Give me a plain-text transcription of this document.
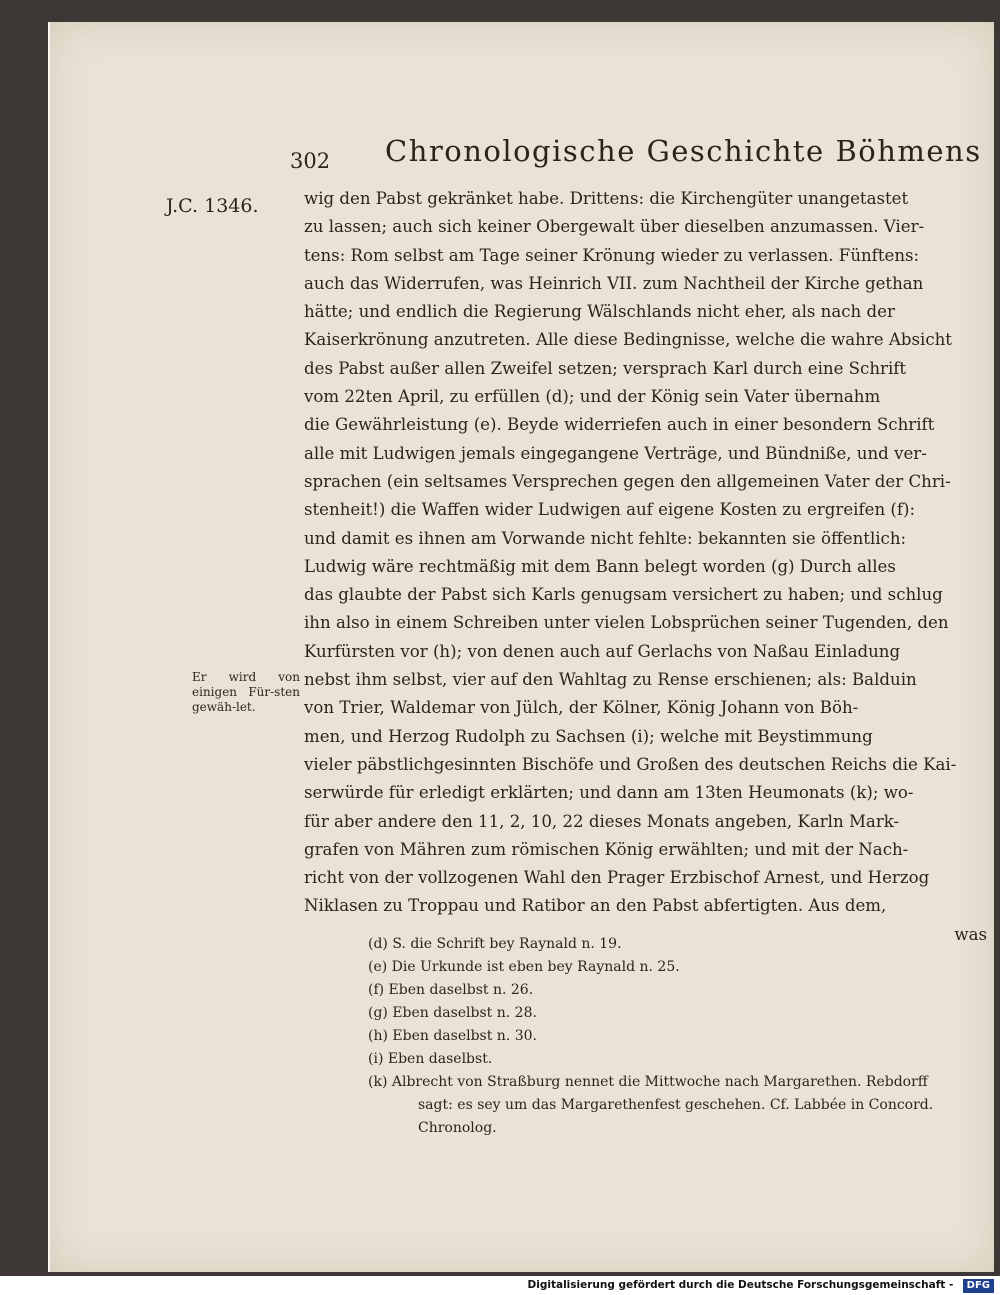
302 Chronologische Geschichte Böhmens
J.C. 1346.
Er wird von einigen Für-sten gewäh-let.
wig den Pabst gekränket habe. Drittens: die Kirchengüter unangetastet
zu lassen; auch sich keiner Obergewalt über dieselben anzumassen. Vier-
tens: Rom selbst am Tage seiner Krönung wieder zu verlassen. Fünftens:
auch das Widerrufen, was Heinrich VII. zum Nachtheil der Kirche gethan
hätte; und endlich die Regierung Wälschlands nicht eher, als nach der
Kaiserkrönung anzutreten. Alle diese Bedingnisse, welche die wahre Absicht
des Pabst außer allen Zweifel setzen; versprach Karl durch eine Schrift
vom 22ten April, zu erfüllen (d); und der König sein Vater übernahm
die Gewährleistung (e). Beyde widerriefen auch in einer besondern Schrift
alle mit Ludwigen jemals eingegangene Verträge, und Bündniße, und ver-
sprachen (ein seltsames Versprechen gegen den allgemeinen Vater der Chri-
stenheit!) die Waffen wider Ludwigen auf eigene Kosten zu ergreifen (f):
und damit es ihnen am Vorwande nicht fehlte: bekannten sie öffentlich:
Ludwig wäre rechtmäßig mit dem Bann belegt worden (g) Durch alles
das glaubte der Pabst sich Karls genugsam versichert zu haben; und schlug
ihn also in einem Schreiben unter vielen Lobsprüchen seiner Tugenden, den
Kurfürsten vor (h); von denen auch auf Gerlachs von Naßau Einladung
nebst ihm selbst, vier auf den Wahltag zu Rense erschienen; als: Balduin
von Trier, Waldemar von Jülch, der Kölner, König Johann von Böh-
men, und Herzog Rudolph zu Sachsen (i); welche mit Beystimmung
vieler päbstlichgesinnten Bischöfe und Großen des deutschen Reichs die Kai-
serwürde für erledigt erklärten; und dann am 13ten Heumonats (k); wo-
für aber andere den 11, 2, 10, 22 dieses Monats angeben, Karln Mark-
grafen von Mähren zum römischen König erwählten; und mit der Nach-
richt von der vollzogenen Wahl den Prager Erzbischof Arnest, und Herzog
Niklasen zu Troppau und Ratibor an den Pabst abfertigten. Aus dem,
was
(d) S. die Schrift bey Raynald n. 19.
(e) Die Urkunde ist eben bey Raynald n. 25.
(f) Eben daselbst n. 26.
(g) Eben daselbst n. 28.
(h) Eben daselbst n. 30.
(i) Eben daselbst.
(k) Albrecht von Straßburg nennet die Mittwoche nach Margarethen. Rebdorff
sagt: es sey um das Margarethenfest geschehen. Cf. Labbée in Concord.
Chronolog.
Digitalisierung gefördert durch die Deutsche Forschungsgemeinschaft - DFG
